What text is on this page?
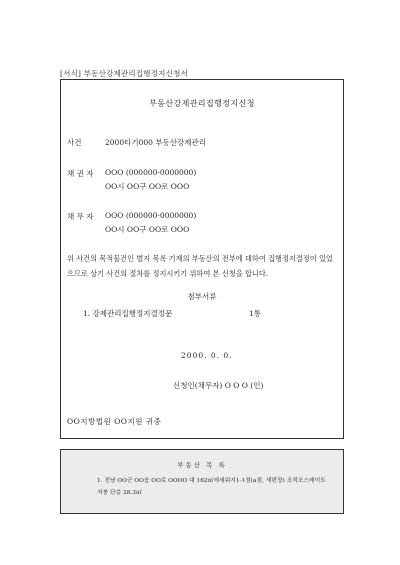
[서식] 부동산강제관리집행정지신청서
부동산강제관리집행정지신청
사건	2000타기000 부동산강제관리
채 권 자 OOO (000000-0000000)
OO시 OO구 OO로 OOO
채 무 자 OOO (000000-0000000)
OO시 OO구 OO로 OOO
위 사건의 목적물건인 별지 목록 기재의 부동산의 전부에 대하여 집행정지결정이 있었으므로 상기 사건의 절차를 정지시키기 위하여 본 신청을 합니다.
첨부서류
1. 강제관리집행정지결정문	1통
2000. 0. 0.
신청인(채무자) O O O (인)
OO지방법원 OO지원 귀중
부동산 목 록
1. 전남 OO군 OO읍 OO로 OOOO 대 162㎡에세워지1-1점(a점, 새편장) 조적조스레이트 지붕 단층 28.3㎡
